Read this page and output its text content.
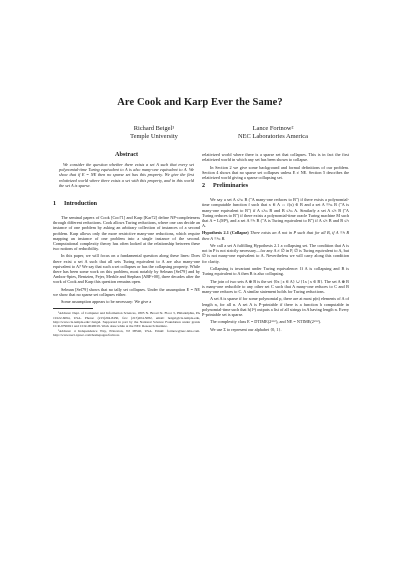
Are Cook and Karp Ever the Same?
Richard Beigel¹
Temple University
Lance Fortnow²
NEC Laboratories America
Abstract

We consider the question whether there exists a set A such that every set polynomial-time Turing equivalent to A is also many-one equivalent to A. We show that if E = NE then no sparse set has this property. We give the first relativized world where there exists a set with this property, and in this world the set A is sparse.

1 Introduction

The seminal papers of Cook [Coo71] and Karp [Kar72] define NP-completeness through different reductions. Cook allows Turing reductions, where one can decide an instance of one problem by asking an arbitrary collection of instances of a second problem. Karp allows only the more restrictive many-one reductions, which require mapping an instance of one problem into a single instance of the second. Computational complexity theory has often looked at the relationship between these two notions of reducibility.

In this paper, we will focus on a fundamental question along these lines: Does there exist a set A such that all sets Turing equivalent to A are also many-one equivalent to A? We say that such a set collapses or has the collapsing property. While there has been some work on this problem, most notably by Selman [Sel79] and by Ambos-Spies, Bentzien, Fejer, Merkle and Stephan [ABF+00], three decades after the work of Cook and Karp this question remains open.

Selman [Sel79] shows that no tally set collapses. Under the assumption E = NE we show that no sparse set collapses either.

Some assumption appears to be necessary: We give a

¹Address: Dept. of Computer and Information Sciences, 1805 N. Broad St. Floor 3, Philadelphia, PA 19122-6094, USA. Phone: (215)204-8450, fax: (215)204-5082, email: beigel@cis.temple.edu, http://www.cis.temple.edu/~beigel. Supported in part by the National Science Foundation under grants CCR-9796021 and CCR-0049019. Work done while at the NEC Research Institute.

²Address: 4 Independence Way, Princeton, NJ 08540, USA. Email: fortnow@nec-labs.com. http://www.neci.nj.nec.com/homepages/fortnow.

relativized world where there is a sparse set that collapses. This is in fact the first relativized world in which any set has been shown to collapse.

In Section 2 we give some background and formal definitions of our problem. Section 4 shows that no sparse set collapses unless E ≠ NE. Section 5 describes the relativized world giving a sparse collapsing set.

2 Preliminaries

We say a set A ≤ᵖₘ B ("A many-one reduces to B") if there exists a polynomial-time computable function f such that x ∈ A ⇔ f(x) ∈ B and a set A ≡ᵖₘ B ("A is many-one equivalent to B") if A ≤ᵖₘ B and B ≤ᵖₘ A. Similarly a set A ≤ᵖₜ B ("A Turing reduces to B") if there exists a polynomial-time oracle Turing machine M such that A = L(Mᴮ), and a set A ≡ᵖₜ B ("A is Turing equivalent to B") if A ≤ᵖₜ B and B ≤ᵖₜ A.

Hypothesis 2.1 (Collapse) There exists an A not in P such that for all B, if A ≡ᵖₜ B then A ≡ᵖₘ B.

We call a set A fulfilling Hypothesis 2.1 a collapsing set. The condition that A is not in P is not strictly necessary—for any A ≠ ∅ in P, ∅ is Turing equivalent to A, but ∅ is not many-one equivalent to A. Nevertheless we will carry along this condition for clarity.

Collapsing is invariant under Turing equivalence: If A is collapsing and B is Turing equivalent to A then B is also collapsing.

The join of two sets A ⊕ B is the set {0x | x ∈ A} ∪ {1x | x ∈ B}. The set A ⊕ B is many-one reducible to any other set C such that A many-one reduces to C and B many-one reduces to C. A similar statement holds for Turing reductions.

A set A is sparse if for some polynomial p, there are at most p(n) elements of A of length n, for all n. A set A is P-printable if there is a function h computable in polynomial-time such that h(1ⁿ) outputs a list of all strings in A having length n. Every P-printable set is sparse.

The complexity class E = DTIME(2ᵒ⁽ⁿ⁾), and NE = NTIME(2ᵒ⁽ⁿ⁾).

We use Σ to represent our alphabet {0, 1}.
